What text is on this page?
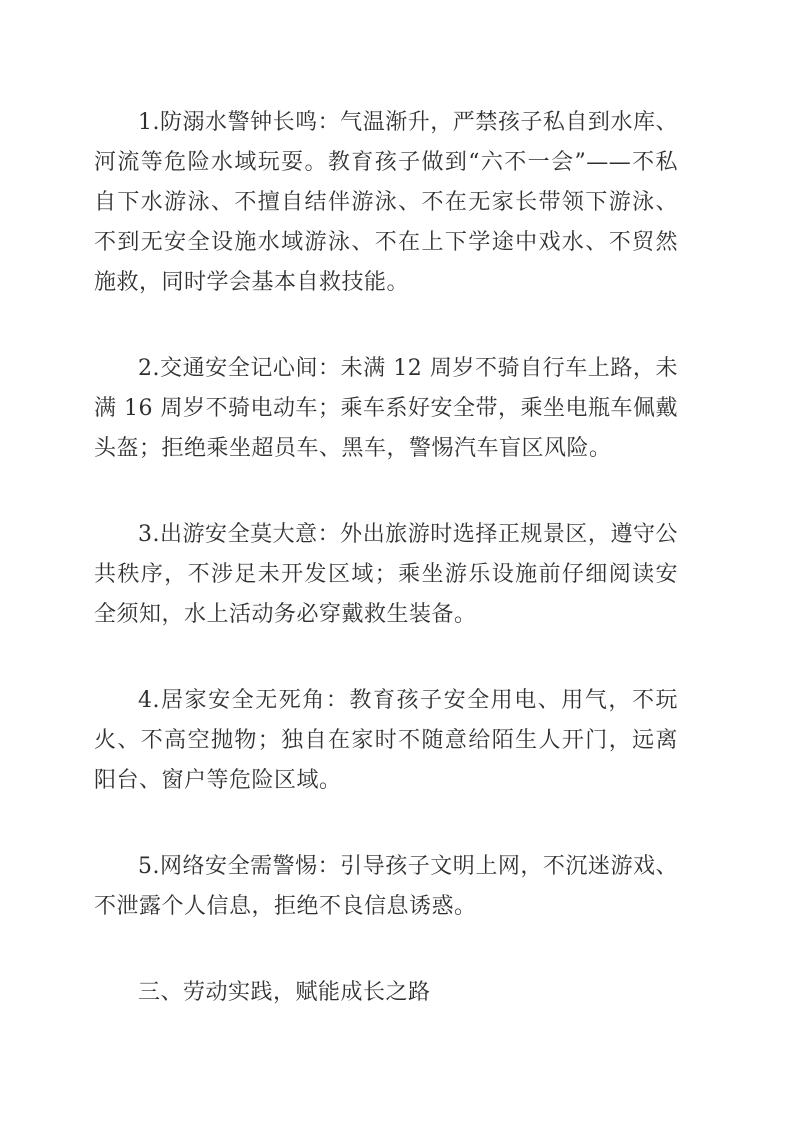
1.防溺水警钟长鸣：气温渐升，严禁孩子私自到水库、河流等危险水域玩耍。教育孩子做到“六不一会”——不私自下水游泳、不擅自结伴游泳、不在无家长带领下游泳、不到无安全设施水域游泳、不在上下学途中戏水、不贸然施救，同时学会基本自救技能。

2.交通安全记心间：未满 12 周岁不骑自行车上路，未满 16 周岁不骑电动车；乘车系好安全带，乘坐电瓶车佩戴头盔；拒绝乘坐超员车、黑车，警惕汽车盲区风险。

3.出游安全莫大意：外出旅游时选择正规景区，遵守公共秩序，不涉足未开发区域；乘坐游乐设施前仔细阅读安全须知，水上活动务必穿戴救生装备。

4.居家安全无死角：教育孩子安全用电、用气，不玩火、不高空抛物；独自在家时不随意给陌生人开门，远离阳台、窗户等危险区域。

5.网络安全需警惕：引导孩子文明上网，不沉迷游戏、不泄露个人信息，拒绝不良信息诱惑。

三、劳动实践，赋能成长之路
